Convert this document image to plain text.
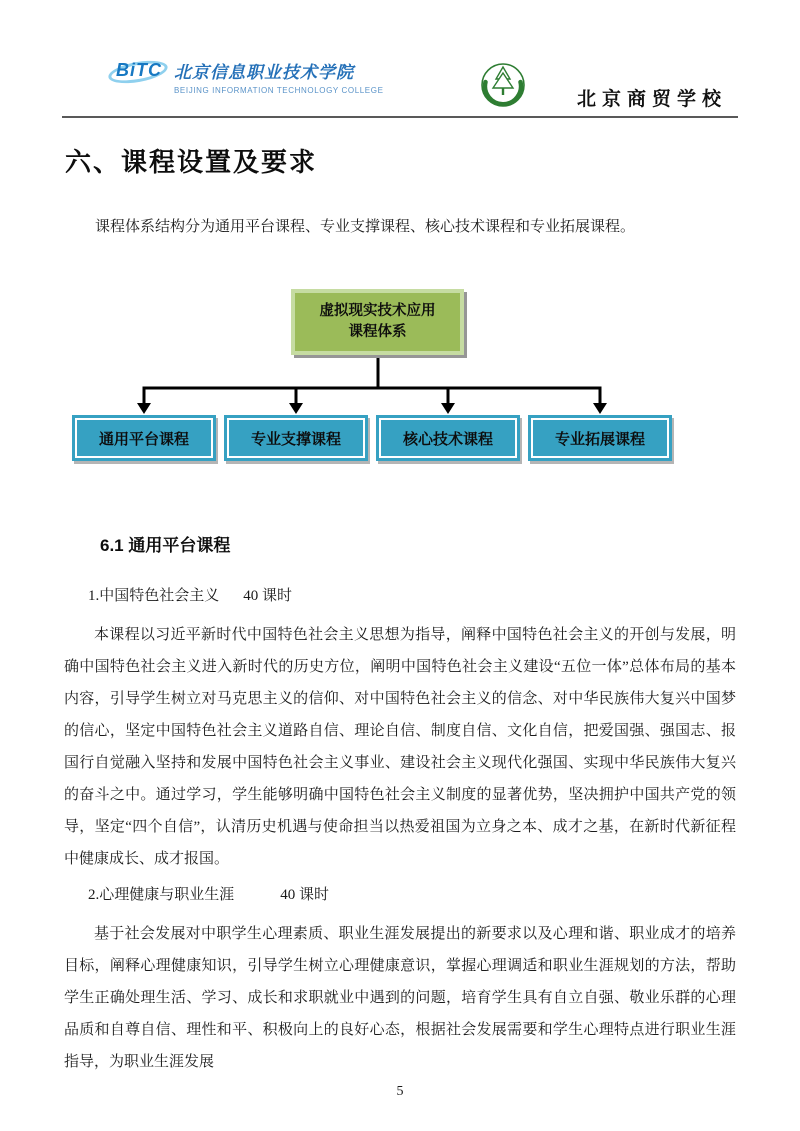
BiTC 北京信息职业技术学院
BEIJING INFORMATION TECHNOLOGY COLLEGE	北京商贸学校
六、课程设置及要求

课程体系结构分为通用平台课程、专业支撑课程、核心技术课程和专业拓展课程。

虚拟现实技术应用
课程体系
通用平台课程	专业支撑课程	核心技术课程	专业拓展课程
6.1 通用平台课程
1.中国特色社会主义 40 课时

本课程以习近平新时代中国特色社会主义思想为指导，阐释中国特色社会主义的开创与发展，明确中国特色社会主义进入新时代的历史方位，阐明中国特色社会主义建设“五位一体”总体布局的基本内容，引导学生树立对马克思主义的信仰、对中国特色社会主义的信念、对中华民族伟大复兴中国梦的信心，坚定中国特色社会主义道路自信、理论自信、制度自信、文化自信，把爱国强、强国志、报国行自觉融入坚持和发展中国特色社会主义事业、建设社会主义现代化强国、实现中华民族伟大复兴的奋斗之中。通过学习，学生能够明确中国特色社会主义制度的显著优势，坚决拥护中国共产党的领导，坚定“四个自信”，认清历史机遇与使命担当以热爱祖国为立身之本、成才之基，在新时代新征程中健康成长、成才报国。

2.心理健康与职业生涯	40 课时

基于社会发展对中职学生心理素质、职业生涯发展提出的新要求以及心理和谐、职业成才的培养目标，阐释心理健康知识，引导学生树立心理健康意识，掌握心理调适和职业生涯规划的方法，帮助学生正确处理生活、学习、成长和求职就业中遇到的问题，培育学生具有自立自强、敬业乐群的心理品质和自尊自信、理性和平、积极向上的良好心态，根据社会发展需要和学生心理特点进行职业生涯指导，为职业生涯发展

5
